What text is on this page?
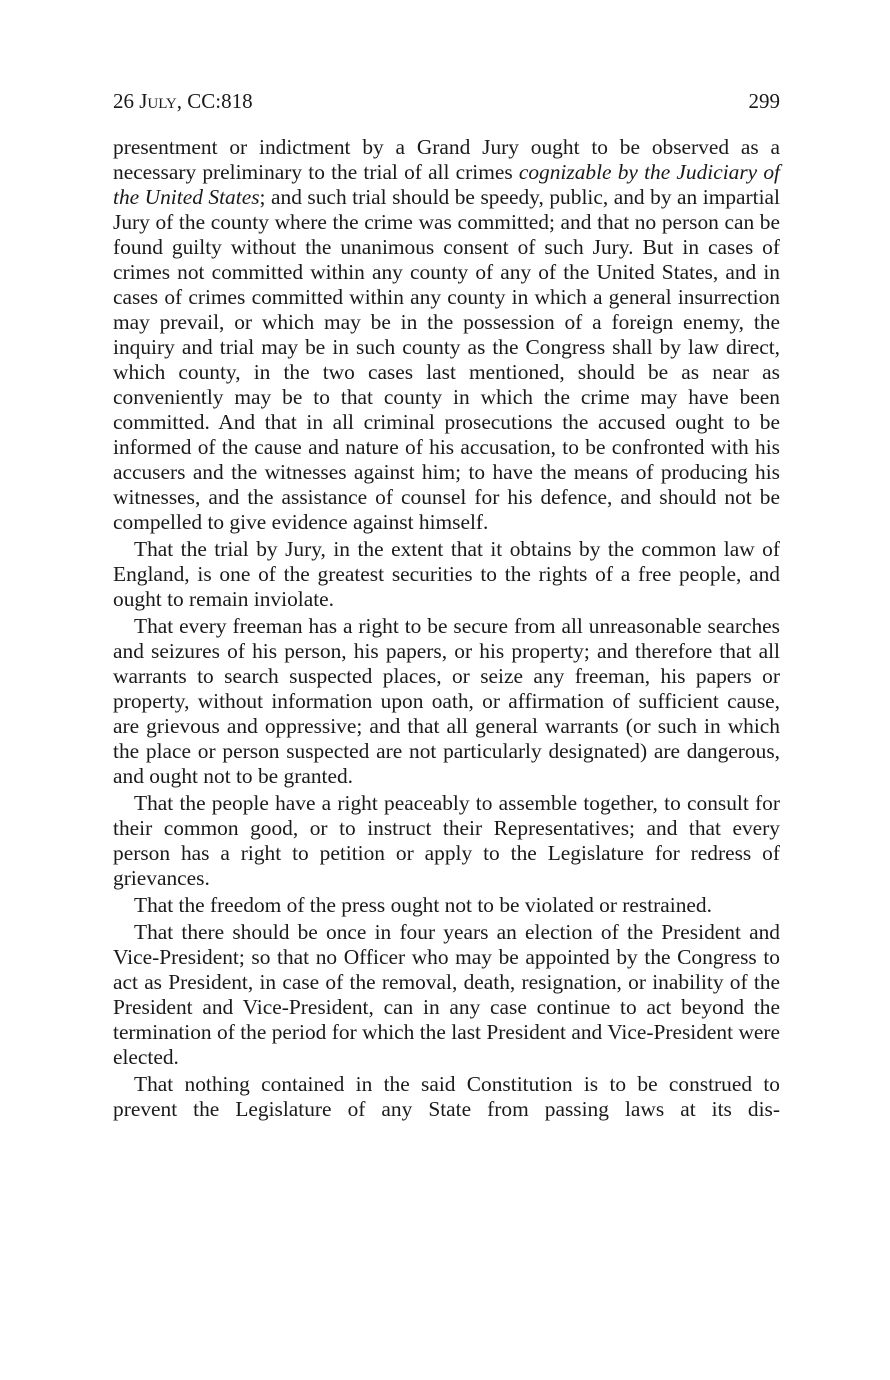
26 July, CC:818	299

presentment or indictment by a Grand Jury ought to be observed as a necessary preliminary to the trial of all crimes cognizable by the Judiciary of the United States; and such trial should be speedy, public, and by an impartial Jury of the county where the crime was committed; and that no person can be found guilty without the unanimous consent of such Jury. But in cases of crimes not committed within any county of any of the United States, and in cases of crimes committed within any county in which a general insurrection may prevail, or which may be in the possession of a foreign enemy, the inquiry and trial may be in such county as the Congress shall by law direct, which county, in the two cases last mentioned, should be as near as conveniently may be to that county in which the crime may have been committed. And that in all criminal prosecutions the accused ought to be informed of the cause and nature of his accusation, to be confronted with his accusers and the witnesses against him; to have the means of producing his witnesses, and the assistance of counsel for his defence, and should not be compelled to give evidence against himself.

That the trial by Jury, in the extent that it obtains by the common law of England, is one of the greatest securities to the rights of a free people, and ought to remain inviolate.

That every freeman has a right to be secure from all unreasonable searches and seizures of his person, his papers, or his property; and therefore that all warrants to search suspected places, or seize any freeman, his papers or property, without information upon oath, or affirmation of sufficient cause, are grievous and oppressive; and that all general warrants (or such in which the place or person suspected are not particularly designated) are dangerous, and ought not to be granted.

That the people have a right peaceably to assemble together, to consult for their common good, or to instruct their Representatives; and that every person has a right to petition or apply to the Legislature for redress of grievances.

That the freedom of the press ought not to be violated or restrained.

That there should be once in four years an election of the President and Vice-President; so that no Officer who may be appointed by the Congress to act as President, in case of the removal, death, resignation, or inability of the President and Vice-President, can in any case continue to act beyond the termination of the period for which the last President and Vice-President were elected.

That nothing contained in the said Constitution is to be construed to prevent the Legislature of any State from passing laws at its dis-
